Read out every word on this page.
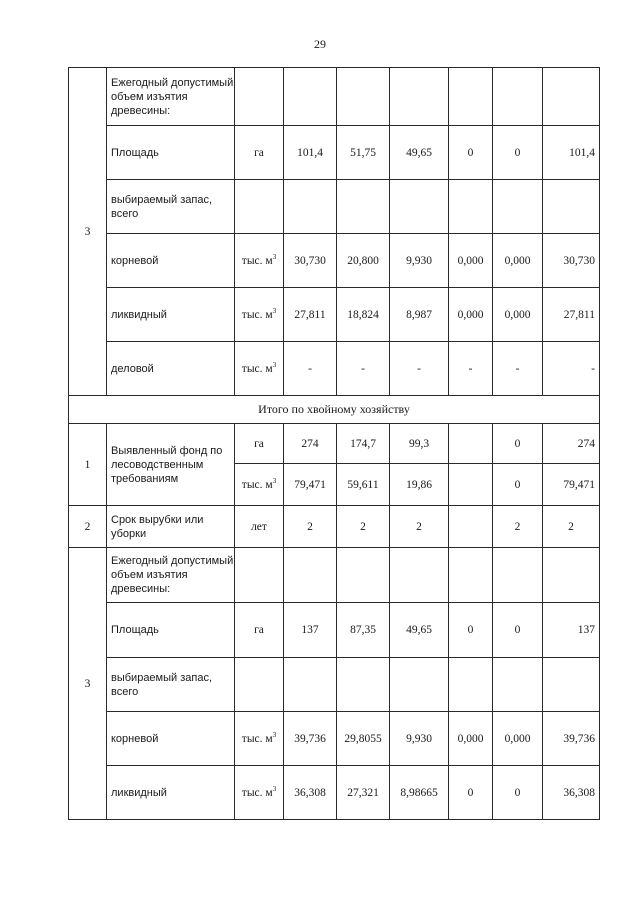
29
3	Ежегодный допустимый объем изъятия древесины:							
	Площадь	га	101,4	51,75	49,65	0	0	101,4
	выбираемый запас, всего							
	корневой	тыс. $м^3$	30,730	20,800	9,930	0,000	0,000	30,730
	ликвидный	тыс. $м^3$	27,811	18,824	8,987	0,000	0,000	27,811
	деловой	тыс. $м^3$	-	-	-	-	-	-
Итого по хвойному хозяйству								
1	Выявленный фонд по лесоводственным требованиям	га	274	174,7	99,3		0	274
		тыс. $м^3$	79,471	59,611	19,86		0	79,471
2	Срок вырубки или уборки	лет	2	2	2		2	2
3	Ежегодный допустимый объем изъятия древесины:							
	Площадь	га	137	87,35	49,65	0	0	137
	выбираемый запас, всего							
	корневой	тыс. $м^3$	39,736	29,8055	9,930	0,000	0,000	39,736
	ликвидный	тыс. $м^3$	36,308	27,321	8,98665	0	0	36,308
